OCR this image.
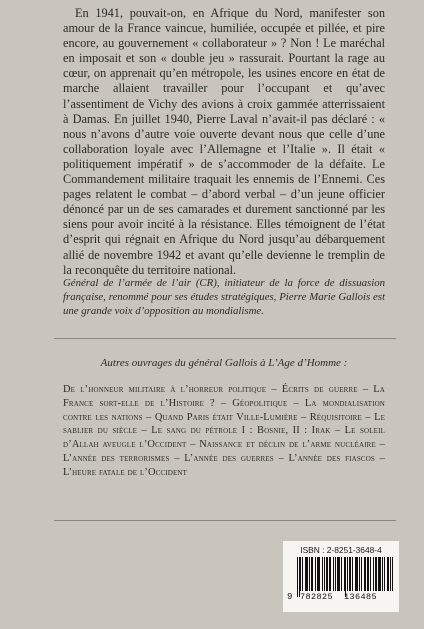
En 1941, pouvait-on, en Afrique du Nord, manifester son amour de la France vaincue, humiliée, occupée et pillée, et pire encore, au gouvernement « collaborateur » ? Non ! Le maréchal en imposait et son « double jeu » rassurait. Pourtant la rage au cœur, on apprenait qu’en métropole, les usines encore en état de marche allaient travailler pour l’occupant et qu’avec l’assentiment de Vichy des avions à croix gammée atterrissaient à Damas. En juillet 1940, Pierre Laval n’avait-il pas déclaré : « nous n’avons d’autre voie ouverte devant nous que celle d’une collaboration loyale avec l’Allemagne et l’Italie ». Il était « politiquement impératif » de s’accommoder de la défaite. Le Commandement militaire traquait les ennemis de l’Ennemi. Ces pages relatent le combat – d’abord verbal – d’un jeune officier dénoncé par un de ses camarades et durement sanctionné par les siens pour avoir incité à la résistance. Elles témoignent de l’état d’esprit qui régnait en Afrique du Nord jusqu’au débarquement allié de novembre 1942 et avant qu’elle devienne le tremplin de la reconquête du territoire national.

Général de l’armée de l’air (CR), initiateur de la force de dissuasion française, renommé pour ses études stratégiques, Pierre Marie Gallois est une grande voix d’opposition au mondialisme.

Autres ouvrages du général Gallois à L’Age d’Homme :

De l’honneur militaire à l’horreur politique – Écrits de guerre – La France sort-elle de l’Histoire ? – Géopolitique – La mondialisation contre les nations – Quand Paris était Ville-Lumière – Réquisitoire – Le sablier du siècle – Le sang du pétrole I : Bosnie, II : Irak – Le soleil d’Allah aveugle l’Occident – Naissance et déclin de l’arme nucléaire – L’année des terrorismes – L’année des guerres – L’année des fiascos – L’heure fatale de l’Occident

ISBN : 2-8251-3648-4
9 782825 136485
